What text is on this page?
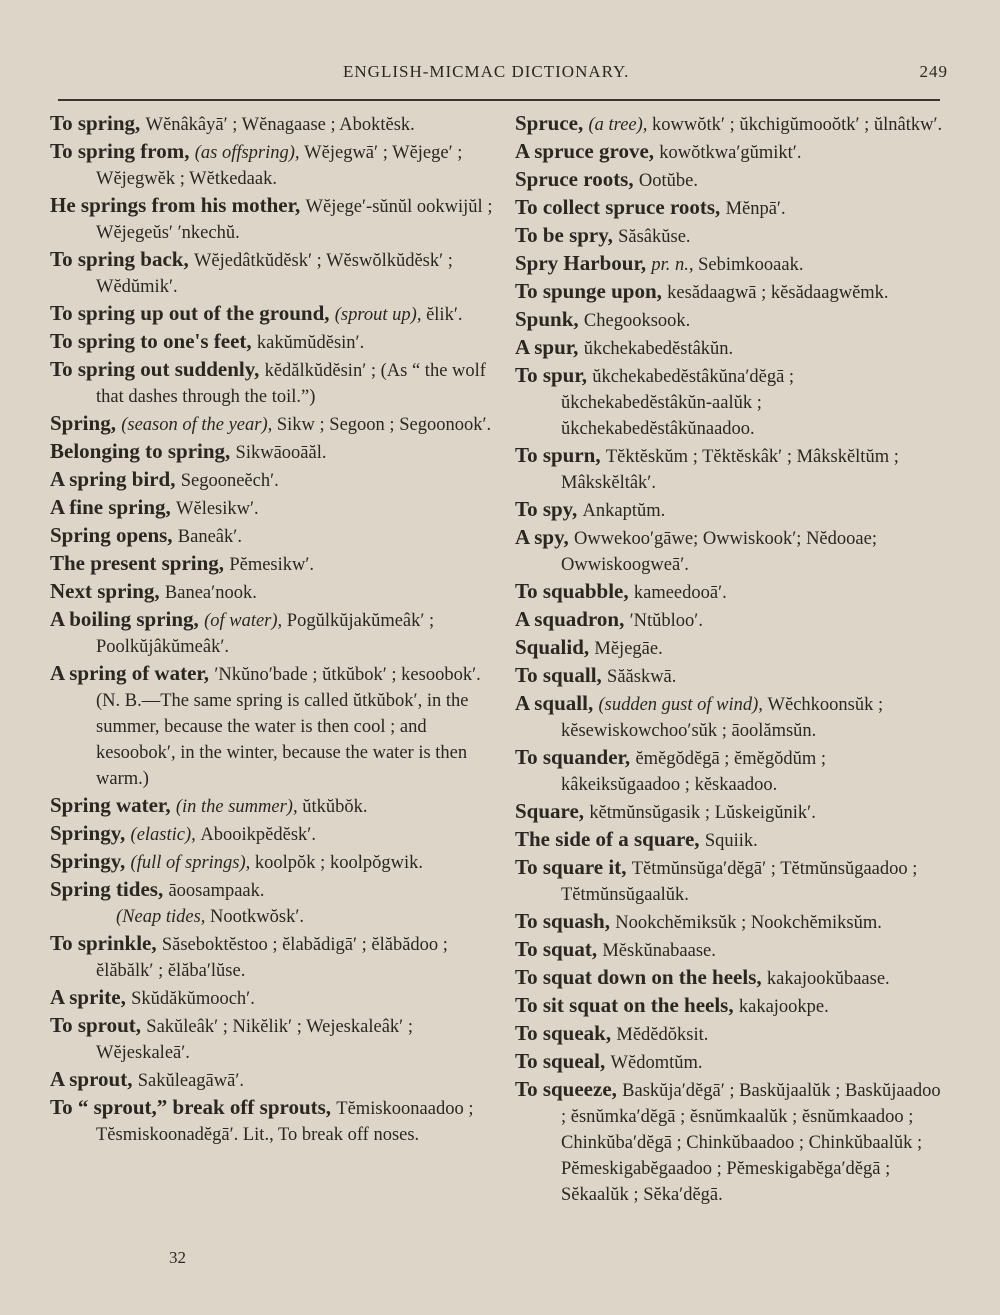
ENGLISH-MICMAC DICTIONARY.	249

To spring, Wĕnâkâyā′ ; Wĕnagaase ; Aboktĕsk.

To spring from, (as offspring), Wĕjegwā′ ; Wĕjege′ ; Wĕjegwĕk ; Wĕtkedaak.

He springs from his mother, Wĕjege′-sŭnŭl ookwijŭl ; Wĕjegeŭs′ ′nkechŭ.

To spring back, Wĕjedâtkŭdĕsk′ ; Wĕswŏlkŭdĕsk′ ; Wĕdŭmik′.

To spring up out of the ground, (sprout up), ĕlik′.

To spring to one's feet, kakŭmŭdĕsin′.

To spring out suddenly, kĕdălkŭdĕsin′ ; (As “ the wolf that dashes through the toil.”)

Spring, (season of the year), Sikw ; Segoon ; Segoonook′.

Belonging to spring, Sikwāooāăl.

A spring bird, Segooneĕch′.

A fine spring, Wĕlesikw′.

Spring opens, Baneâk′.

The present spring, Pĕmesikw′.

Next spring, Banea′nook.

A boiling spring, (of water), Pogŭlkŭjakŭmeâk′ ; Poolkŭjâkŭmeâk′.

A spring of water, ′Nkŭno′bade ; ŭtkŭbok′ ; kesoobok′. (N. B.—The same spring is called ŭtkŭbok′, in the summer, because the water is then cool ; and kesoobok′, in the winter, because the water is then warm.)

Spring water, (in the summer), ŭtkŭbŏk.

Springy, (elastic), Abooikpĕdĕsk′.

Springy, (full of springs), koolpŏk ; koolpŏgwik.

Spring tides, āoosampaak.

(Neap tides, Nootkwŏsk′.

To sprinkle, Săseboktĕstoo ; ĕlabădigā′ ; ĕlăbădoo ; ĕlăbălk′ ; ĕlăba′lŭse.

A sprite, Skŭdăkŭmooch′.

To sprout, Sakŭleâk′ ; Nikĕlik′ ; Wejeskaleâk′ ; Wĕjeskaleā′.

A sprout, Sakŭleagāwā′.

To “ sprout,” break off sprouts, Tĕmiskoonaadoo ; Tĕsmiskoonadĕgā′. Lit., To break off noses.

Spruce, (a tree), kowwŏtk′ ; ŭkchigŭmooŏtk′ ; ŭlnâtkw′.

A spruce grove, kowŏtkwa′gŭmikt′.

Spruce roots, Ootŭbe.

To collect spruce roots, Mĕnpā′.

To be spry, Săsâkŭse.

Spry Harbour, pr. n., Sebimkooaak.

To spunge upon, kesădaagwā ; kĕsădaagwĕmk.

Spunk, Chegooksook.

A spur, ŭkchekabedĕstâkŭn.

To spur, ŭkchekabedĕstâkŭna′dĕgā ; ŭkchekabedĕstâkŭn-aalŭk ; ŭkchekabedĕstâkŭnaadoo.

To spurn, Tĕktĕskŭm ; Tĕktĕskâk′ ; Mâkskĕltŭm ; Mâkskĕltâk′.

To spy, Ankaptŭm.

A spy, Owwekoo′gāwe; Owwiskook′; Nĕdooae; Owwiskoogweā′.

To squabble, kameedooā′.

A squadron, ′Ntŭbloo′.

Squalid, Mĕjegāe.

To squall, Săăskwā.

A squall, (sudden gust of wind), Wĕchkoonsŭk ; kĕsewiskowchoo′sŭk ; āoolămsŭn.

To squander, ĕmĕgŏdĕgā ; ĕmĕgŏdŭm ; kâkeiksŭgaadoo ; kĕskaadoo.

Square, kĕtmŭnsŭgasik ; Lŭskeigŭnik′.

The side of a square, Squiik.

To square it, Tĕtmŭnsŭga′dĕgā′ ; Tĕtmŭnsŭgaadoo ; Tĕtmŭnsŭgaalŭk.

To squash, Nookchĕmiksŭk ; Nookchĕmiksŭm.

To squat, Mĕskŭnabaase.

To squat down on the heels, kakajookŭbaase.

To sit squat on the heels, kakajookpe.

To squeak, Mĕdĕdŏksit.

To squeal, Wĕdomtŭm.

To squeeze, Baskŭja′dĕgā′ ; Baskŭjaalŭk ; Baskŭjaadoo ; ĕsnŭmka′dĕgā ; ĕsnŭmkaalŭk ; ĕsnŭmkaadoo ; Chinkŭba′dĕgā ; Chinkŭbaadoo ; Chinkŭbaalŭk ; Pĕmeskigabĕgaadoo ; Pĕmeskigabĕga′dĕgā ; Sĕkaalŭk ; Sĕka′dĕgā.

32
